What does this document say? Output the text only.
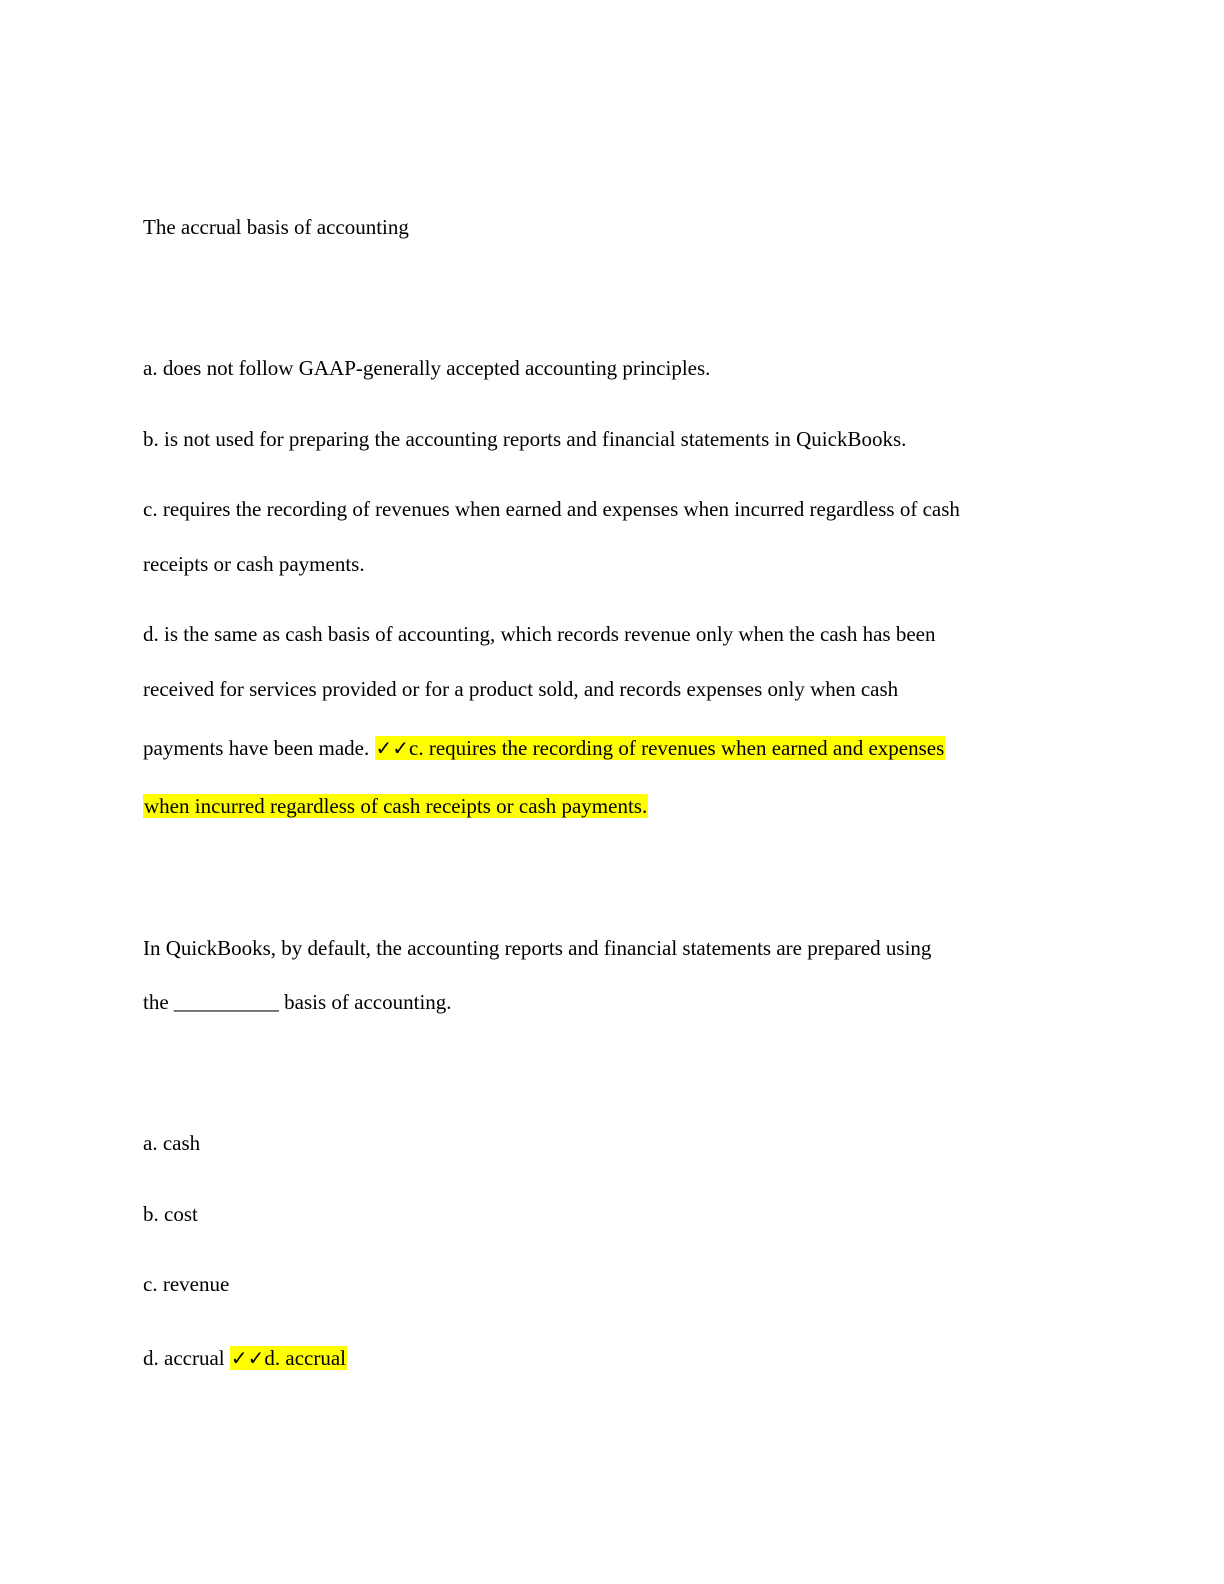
The accrual basis of accounting

a. does not follow GAAP-generally accepted accounting principles.

b. is not used for preparing the accounting reports and financial statements in QuickBooks.

c. requires the recording of revenues when earned and expenses when incurred regardless of cash

receipts or cash payments.

d. is the same as cash basis of accounting, which records revenue only when the cash has been

received for services provided or for a product sold, and records expenses only when cash

payments have been made. ✓✓c. requires the recording of revenues when earned and expenses

when incurred regardless of cash receipts or cash payments.

In QuickBooks, by default, the accounting reports and financial statements are prepared using

the __________ basis of accounting.

a. cash

b. cost

c. revenue

d. accrual ✓✓d. accrual
